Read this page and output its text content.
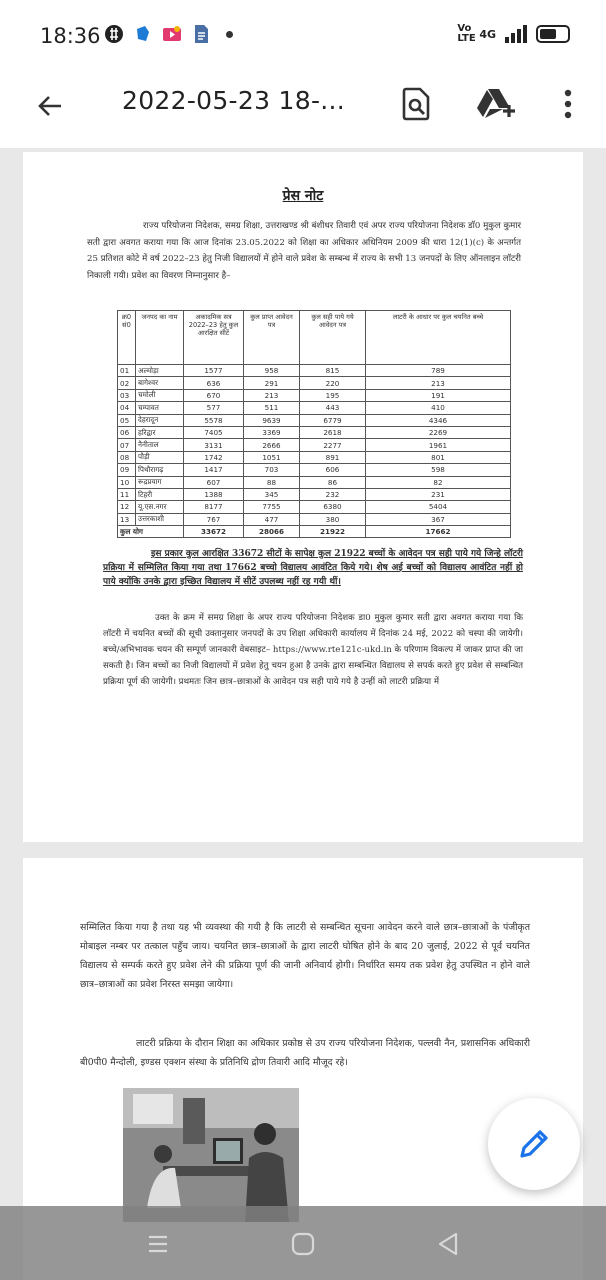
18:36	Vo LTE 4G
2022-05-23 18-...
प्रेस नोट
राज्य परियोजना निदेशक, समग्र शिक्षा, उत्तराखण्ड श्री बंशीधर तिवारी एवं अपर राज्य परियोजना निदेशक डॉ0 मुकुल कुमार सती द्वारा अवगत कराया गया कि आज दिनांक 23.05.2022 को शिक्षा का अधिकार अधिनियम 2009 की धारा 12(1)(c) के अन्तर्गत 25 प्रतिशत कोटे में वर्ष 2022–23 हेतु निजी विद्यालयों में होने वाले प्रवेश के सम्बन्ध में राज्य के सभी 13 जनपदों के लिए ऑनलाइन लॉटरी निकाली गयी। प्रवेश का विवरण निम्नानुसार है–
क्र0 सं0	जनपद का नाम	अकादमिक सत्र 2022–23 हेतु कुल आरक्षित सीटें	कुल प्राप्त आवेदन पत्र	कुल सही पाये गये आवेदन पत्र	लाटरी के आधार पर कुल चयनित बच्चे
01	अल्मोड़ा	1577	958	815	789
02	बागेश्वर	636	291	220	213
03	चमोली	670	213	195	191
04	चम्पावत	577	511	443	410
05	देहरादून	5578	9639	6779	4346
06	हरिद्वार	7405	3369	2618	2269
07	नैनीताल	3131	2666	2277	1961
08	पौड़ी	1742	1051	891	801
09	पिथौरागढ़	1417	703	606	598
10	रूद्रप्रयाग	607	88	86	82
11	टिहरी	1388	345	232	231
12	यू.एस.नगर	8177	7755	6380	5404
13	उत्तरकाशी	767	477	380	367
कुल योग		33672	28066	21922	17662
इस प्रकार कुल आरक्षित 33672 सीटों के सापेक्ष कुल 21922 बच्चों के आवेदन पत्र सही पाये गये जिन्हे लॉटरी प्रक्रिया में सम्मिलित किया गया तथा 17662 बच्चो विद्यालय आवंटित किये गये। शेष अई बच्चों को विद्यालय आवंटित नहीं हो पाये क्योंकि उनके द्वारा इच्छित विद्यालय में सीटें उपलब्ध नहीं रह गयी थीं।
उक्त के क्रम में समग्र शिक्षा के अपर राज्य परियोजना निदेशक डा0 मुकुल कुमार सती द्वारा अवगत कराया गया कि लॉटरी में चयनित बच्चों की सूची उक्तानुसार जनपदों के उप शिक्षा अधिकारी कार्यालय में दिनांक 24 मई, 2022 को चस्पा की जायेगी। बच्चे/अभिभावक चयन की सम्पूर्ण जानकारी वेबसाइट– https://www.rte121c-ukd.in के परिणाम विकल्प में जाकर प्राप्त की जा सकती है। जिन बच्चों का निजी विद्यालयों में प्रवेश हेतु चयन हुआ है उनके द्वारा सम्बन्धित विद्यालय से सपर्क करते हुए प्रवेश से सम्बन्धित प्रक्रिया पूर्ण की जायेगी। प्रथमतः जिन छात्र–छात्राओं के आवेदन पत्र सही पाये गये है उन्हीं को लाटरी प्रक्रिया में
सम्मिलित किया गया है तथा यह भी व्यवस्था की गयी है कि लाटरी से सम्बन्धित सूचना आवेदन करने वाले छात्र–छात्राओं के पंजीकृत मोबाइल नम्बर पर तत्काल पहुँच जाय। चयनित छात्र–छात्राओं के द्वारा लाटरी घोषित होने के बाद 20 जुलाई, 2022 से पूर्व चयनित विद्यालय से सम्पर्क करते हुए प्रवेश लेने की प्रक्रिया पूर्ण की जानी अनिवार्य होगी। निर्धारित समय तक प्रवेश हेतु उपस्थित न होने वाले छात्र–छात्राओं का प्रवेश निरस्त समझा जायेगा।
लाटरी प्रक्रिया के दौरान शिक्षा का अधिकार प्रकोष्ठ से उप राज्य परियोजना निदेशक, पल्लवी नैन, प्रशासनिक अधिकारी बी0पी0 मैन्दोली, इण्डस एक्शन संस्था के प्रतिनिधि द्रोण तिवारी आदि मौजूद रहे।
